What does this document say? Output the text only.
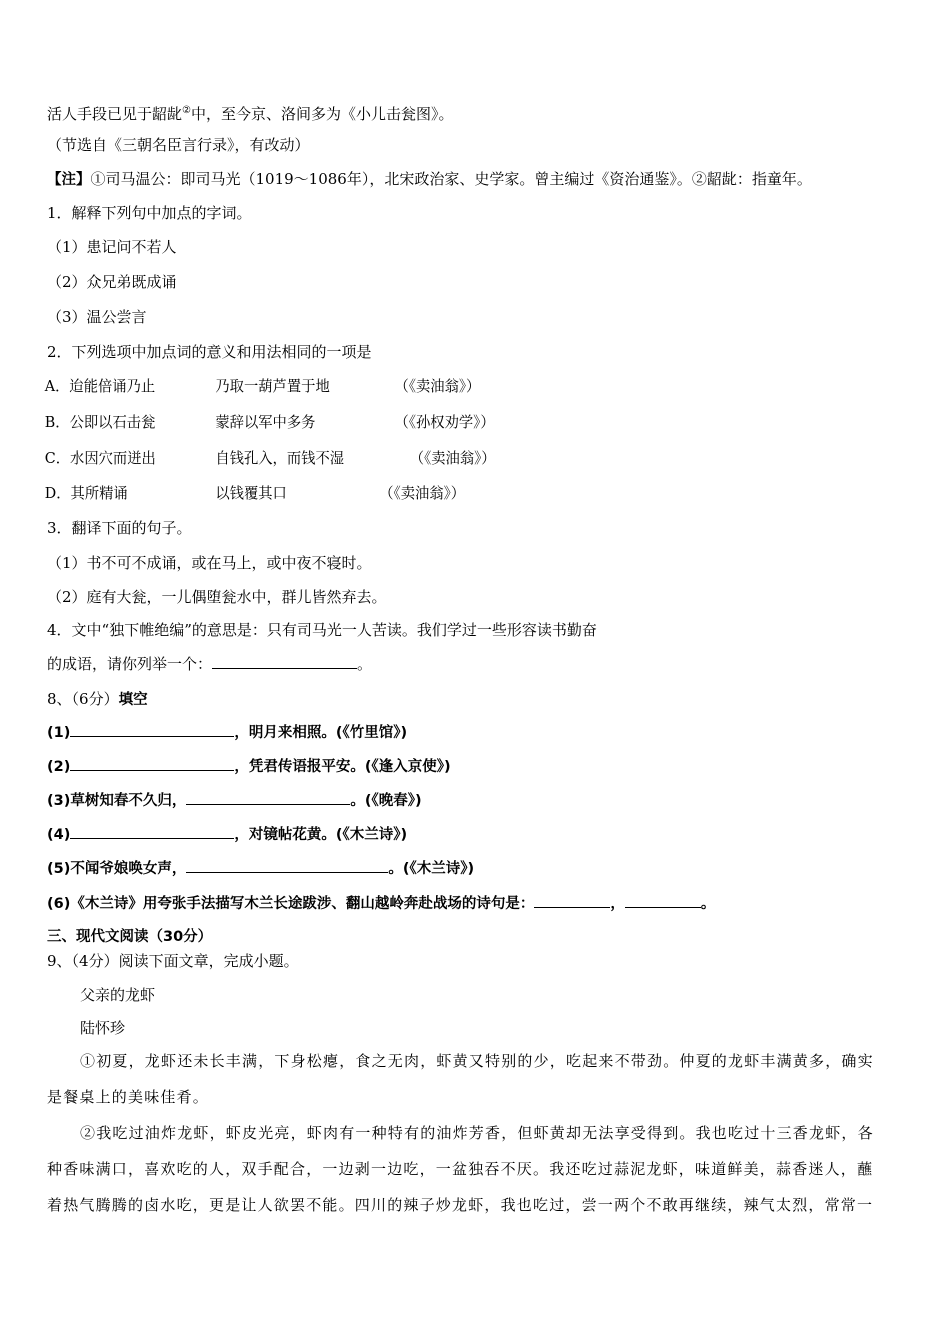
活人手段已见于龆龀②中，至今京、洛间多为《小儿击瓮图》。
（节选自《三朝名臣言行录》，有改动）
【注】①司马温公：即司马光（1019～1086年），北宋政治家、史学家。曾主编过《资治通鉴》。②龆龀：指童年。
1．解释下列句中加点的字词。
（1）患记问不若人
（2）众兄弟既成诵
（3）温公尝言
2．下列选项中加点词的意义和用法相同的一项是
A．迨能倍诵乃止	乃取一葫芦置于地	（《卖油翁》）
B．公即以石击瓮	蒙辞以军中多务	（《孙权劝学》）
C．水因穴而迸出	自钱孔入，而钱不湿	（《卖油翁》）
D．其所精诵	以钱覆其口	（《卖油翁》）
3．翻译下面的句子。
（1）书不可不成诵，或在马上，或中夜不寝时。
（2）庭有大瓮，一儿偶堕瓮水中，群儿皆然弃去。
4．文中“独下帷绝编”的意思是：只有司马光一人苦读。我们学过一些形容读书勤奋
的成语，请你列举一个：	。
8、（6分）填空
(1)	，明月来相照。(《竹里馆》)
(2)	，凭君传语报平安。(《逢入京使》)
(3)草树知春不久归，	。(《晚春》)
(4)	，对镜帖花黄。(《木兰诗》)
(5)不闻爷娘唤女声，	。(《木兰诗》)
(6)《木兰诗》用夸张手法描写木兰长途跋涉、翻山越岭奔赴战场的诗句是：	，	。
三、现代文阅读（30分）
9、（4分）阅读下面文章，完成小题。
父亲的龙虾
陆怀珍
①初夏，龙虾还未长丰满，下身松瘪，食之无肉，虾黄又特别的少，吃起来不带劲。仲夏的龙虾丰满黄多，确实
是餐桌上的美味佳肴。
②我吃过油炸龙虾，虾皮光亮，虾肉有一种特有的油炸芳香，但虾黄却无法享受得到。我也吃过十三香龙虾，各
种香味满口，喜欢吃的人，双手配合，一边剥一边吃，一盆独吞不厌。我还吃过蒜泥龙虾，味道鲜美，蒜香迷人，蘸
着热气腾腾的卤水吃，更是让人欲罢不能。四川的辣子炒龙虾，我也吃过，尝一两个不敢再继续，辣气太烈，常常一
